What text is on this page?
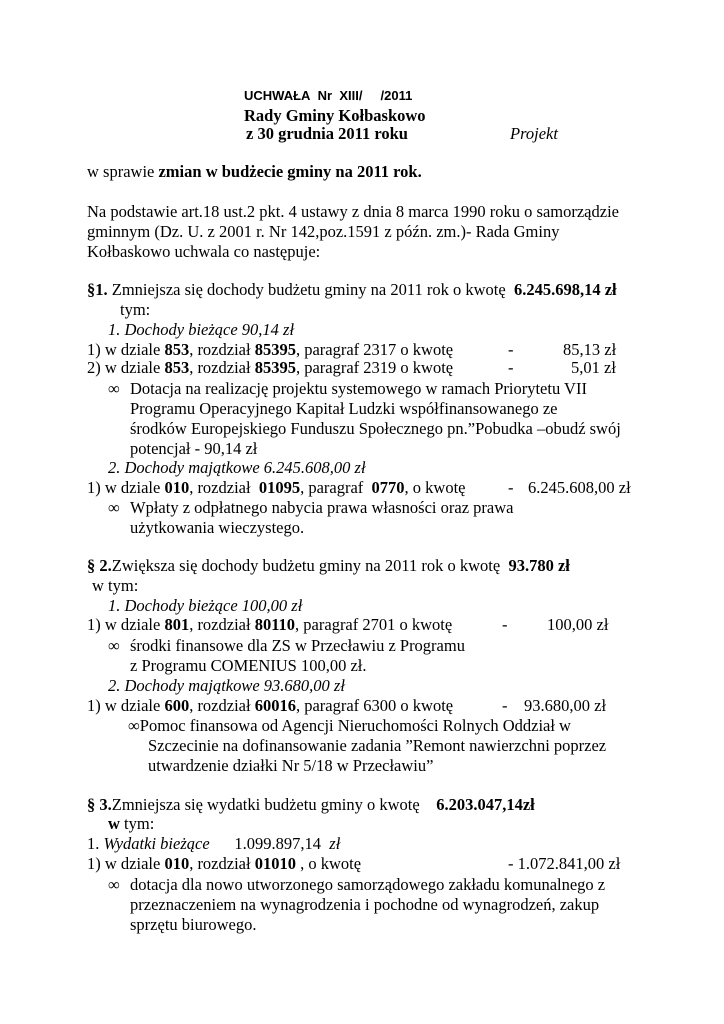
UCHWAŁA Nr XIII/ /2011
Rady Gminy Kołbaskowo
z 30 grudnia 2011 roku	Projekt
w sprawie zmian w budżecie gminy na 2011 rok.
Na podstawie art.18 ust.2 pkt. 4 ustawy z dnia 8 marca 1990 roku o samorządzie
gminnym (Dz. U. z 2001 r. Nr 142,poz.1591 z późn. zm.)- Rada Gminy
Kołbaskowo uchwala co następuje:
§1. Zmniejsza się dochody budżetu gminy na 2011 rok o kwotę 6.245.698,14 zł
tym:
1. Dochody bieżące 90,14 zł
1) w dziale 853, rozdział 85395, paragraf 2317 o kwotę	-	85,13 zł
2) w dziale 853, rozdział 85395, paragraf 2319 o kwotę	-	5,01 zł
∞ Dotacja na realizację projektu systemowego w ramach Priorytetu VII
Programu Operacyjnego Kapitał Ludzki współfinansowanego ze
środków Europejskiego Funduszu Społecznego pn.”Pobudka –obudź swój
potencjał - 90,14 zł
2. Dochody majątkowe 6.245.608,00 zł
1) w dziale 010, rozdział 01095, paragraf 0770, o kwotę	- 6.245.608,00 zł
∞ Wpłaty z odpłatnego nabycia prawa własności oraz prawa
użytkowania wieczystego.
§ 2.Zwiększa się dochody budżetu gminy na 2011 rok o kwotę 93.780 zł
w tym:
1. Dochody bieżące 100,00 zł
1) w dziale 801, rozdział 80110, paragraf 2701 o kwotę	- 100,00 zł
∞ środki finansowe dla ZS w Przecławiu z Programu
z Programu COMENIUS 100,00 zł.
2. Dochody majątkowe 93.680,00 zł
1) w dziale 600, rozdział 60016, paragraf 6300 o kwotę	- 93.680,00 zł
∞Pomoc finansowa od Agencji Nieruchomości Rolnych Oddział w
Szczecinie na dofinansowanie zadania ”Remont nawierzchni poprzez
utwardzenie działki Nr 5/18 w Przecławiu”
§ 3.Zmniejsza się wydatki budżetu gminy o kwotę 6.203.047,14zł
w tym:
1. Wydatki bieżące 1.099.897,14 zł
1) w dziale 010, rozdział 01010 , o kwotę	- 1.072.841,00 zł
∞ dotacja dla nowo utworzonego samorządowego zakładu komunalnego z
przeznaczeniem na wynagrodzenia i pochodne od wynagrodzeń, zakup
sprzętu biurowego.
